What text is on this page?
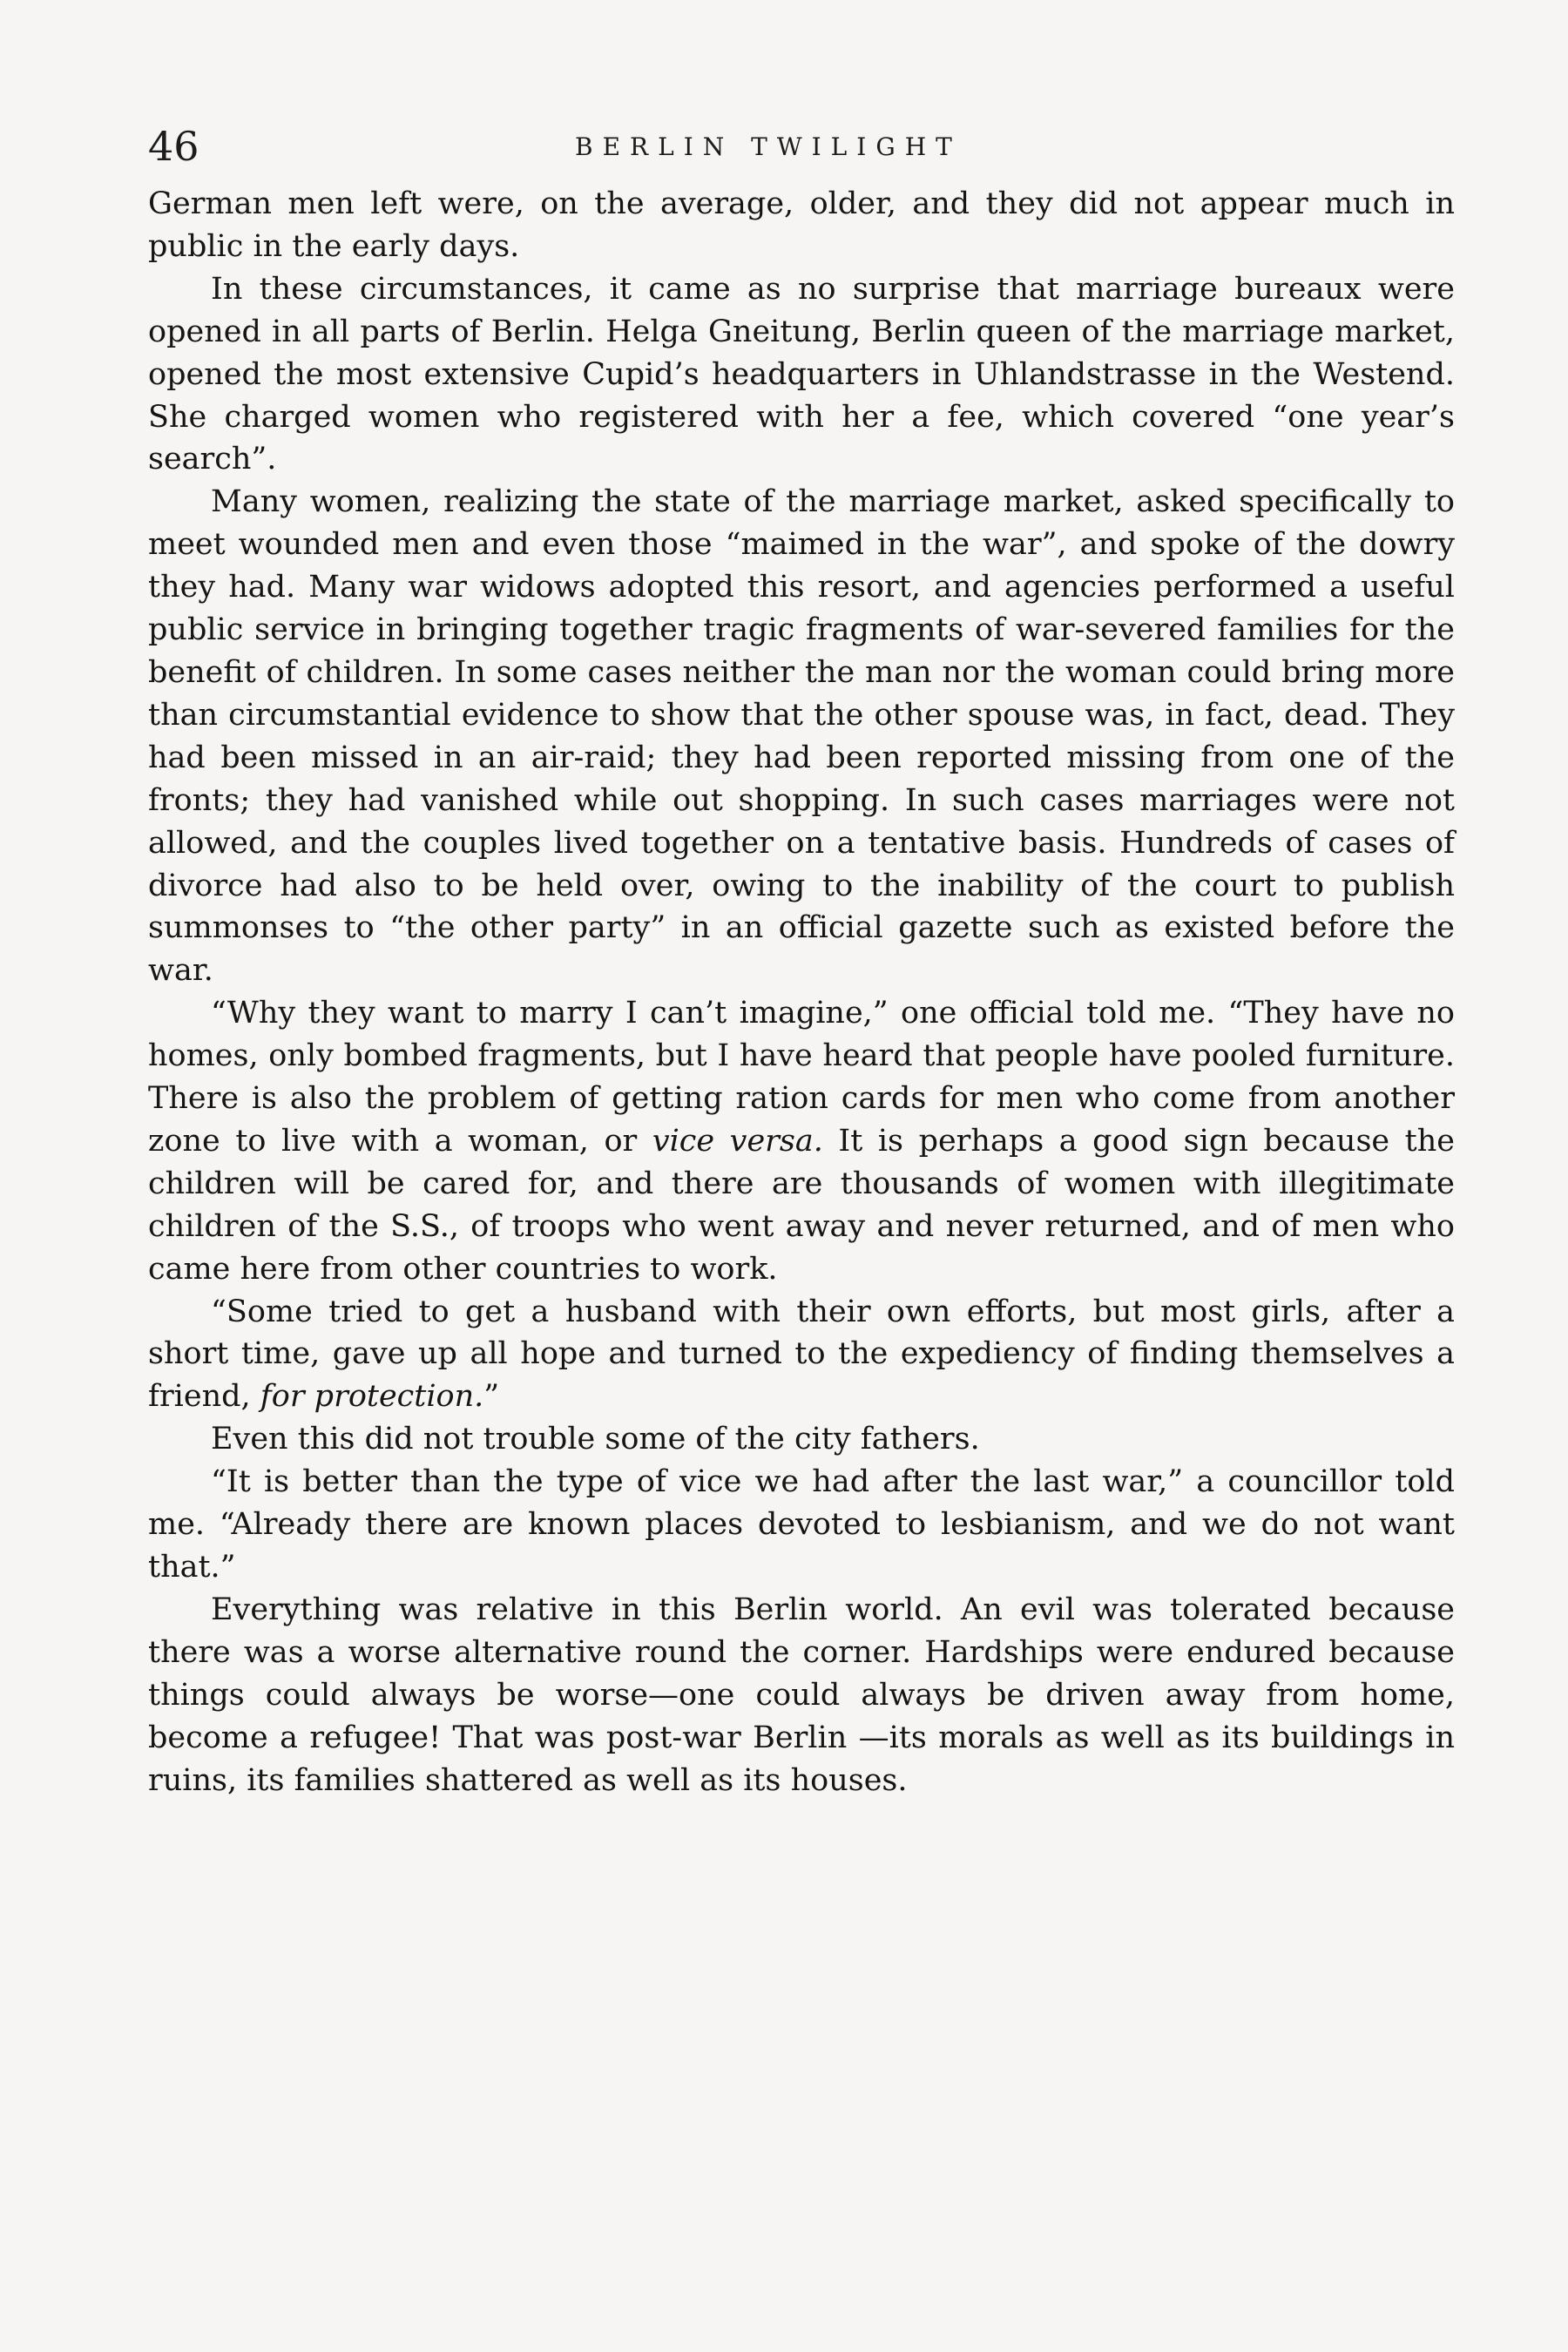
46	BERLIN TWILIGHT

German men left were, on the average, older, and they did not appear much in public in the early days.

In these circumstances, it came as no surprise that marriage bureaux were opened in all parts of Berlin. Helga Gneitung, Berlin queen of the marriage market, opened the most extensive Cupid’s headquarters in Uhlandstrasse in the Westend. She charged women who registered with her a fee, which covered “one year’s search”.

Many women, realizing the state of the marriage market, asked specifically to meet wounded men and even those “maimed in the war”, and spoke of the dowry they had. Many war widows adopted this resort, and agencies performed a useful public service in bringing together tragic fragments of war-severed families for the benefit of children. In some cases neither the man nor the woman could bring more than circumstantial evidence to show that the other spouse was, in fact, dead. They had been missed in an air-raid; they had been reported missing from one of the fronts; they had vanished while out shopping. In such cases marriages were not allowed, and the couples lived together on a tentative basis. Hundreds of cases of divorce had also to be held over, owing to the inability of the court to publish summonses to “the other party” in an official gazette such as existed before the war.

“Why they want to marry I can’t imagine,” one official told me. “They have no homes, only bombed fragments, but I have heard that people have pooled furniture. There is also the problem of getting ration cards for men who come from another zone to live with a woman, or vice versa. It is perhaps a good sign because the children will be cared for, and there are thousands of women with illegitimate children of the S.S., of troops who went away and never returned, and of men who came here from other countries to work.

“Some tried to get a husband with their own efforts, but most girls, after a short time, gave up all hope and turned to the expediency of finding themselves a friend, for protection.”

Even this did not trouble some of the city fathers.

“It is better than the type of vice we had after the last war,” a councillor told me. “Already there are known places devoted to lesbianism, and we do not want that.”

Everything was relative in this Berlin world. An evil was tolerated because there was a worse alternative round the corner. Hardships were endured because things could always be worse—one could always be driven away from home, become a refugee! That was post-war Berlin —its morals as well as its buildings in ruins, its families shattered as well as its houses.
